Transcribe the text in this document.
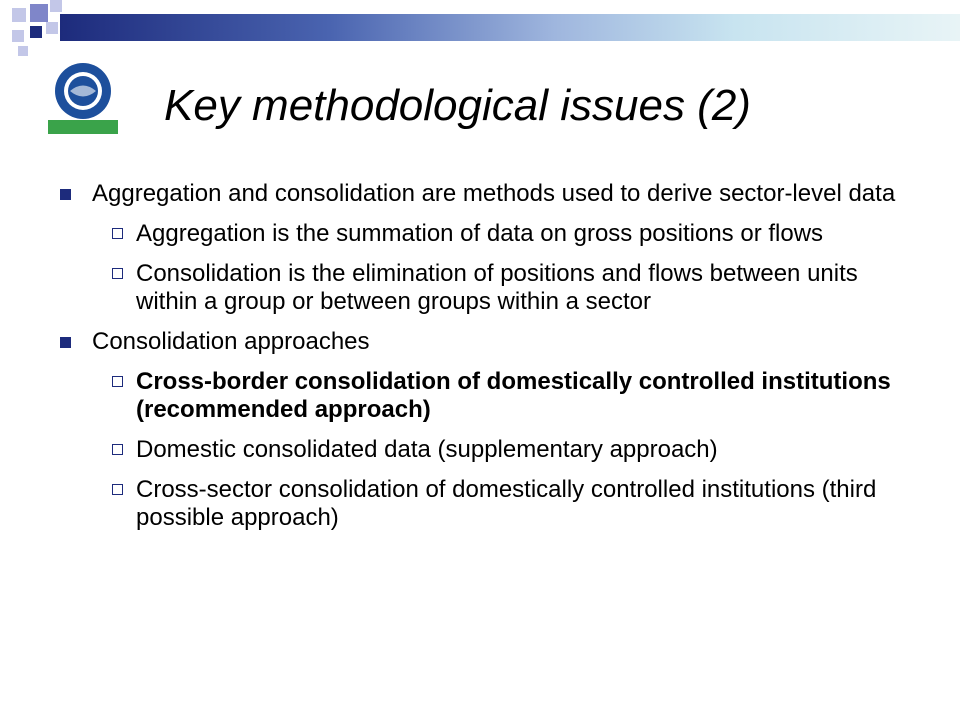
Key methodological issues (2)
Aggregation and consolidation are methods used to derive sector-level data
Aggregation is the summation of data on gross positions or flows
Consolidation is the elimination of positions and flows between units within a group or between groups within a sector
Consolidation approaches
Cross-border consolidation of domestically controlled institutions (recommended approach)
Domestic consolidated data (supplementary approach)
Cross-sector consolidation of domestically controlled institutions (third possible approach)
